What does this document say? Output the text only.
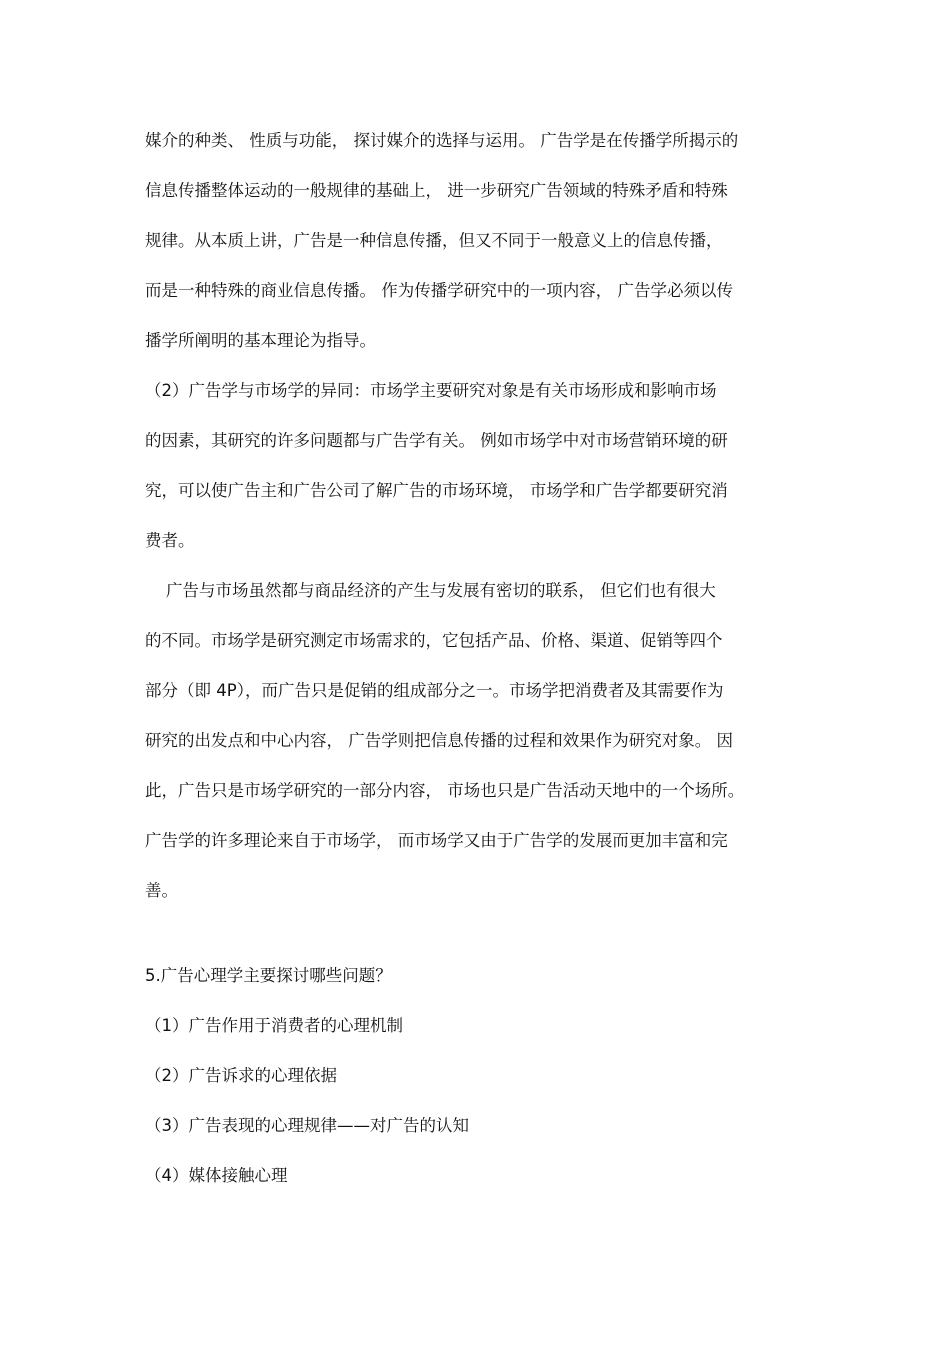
媒介的种类、 性质与功能， 探讨媒介的选择与运用。 广告学是在传播学所揭示的
信息传播整体运动的一般规律的基础上， 进一步研究广告领域的特殊矛盾和特殊
规律。从本质上讲，广告是一种信息传播，但又不同于一般意义上的信息传播，
而是一种特殊的商业信息传播。 作为传播学研究中的一项内容， 广告学必须以传
播学所阐明的基本理论为指导。
（2）广告学与市场学的异同：市场学主要研究对象是有关市场形成和影响市场
的因素，其研究的许多问题都与广告学有关。 例如市场学中对市场营销环境的研
究，可以使广告主和广告公司了解广告的市场环境， 市场学和广告学都要研究消
费者。
广告与市场虽然都与商品经济的产生与发展有密切的联系， 但它们也有很大
的不同。市场学是研究测定市场需求的，它包括产品、价格、渠道、促销等四个
部分（即 4P），而广告只是促销的组成部分之一。市场学把消费者及其需要作为
研究的出发点和中心内容， 广告学则把信息传播的过程和效果作为研究对象。 因
此，广告只是市场学研究的一部分内容， 市场也只是广告活动天地中的一个场所。
广告学的许多理论来自于市场学， 而市场学又由于广告学的发展而更加丰富和完
善。
5.广告心理学主要探讨哪些问题？
（1）广告作用于消费者的心理机制
（2）广告诉求的心理依据
（3）广告表现的心理规律——对广告的认知
（4）媒体接触心理
